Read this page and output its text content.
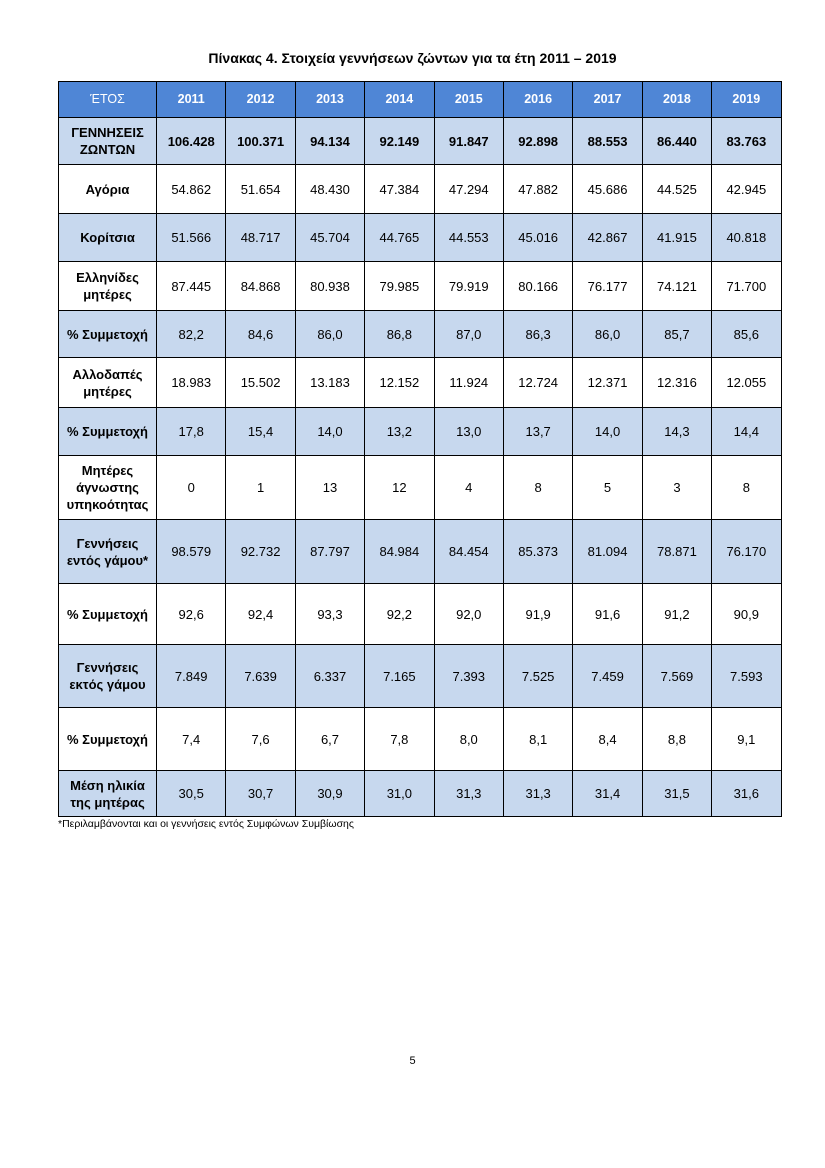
Πίνακας 4. Στοιχεία γεννήσεων ζώντων για τα έτη 2011 – 2019
ΈΤΟΣ	2011	2012	2013	2014	2015	2016	2017	2018	2019
ΓΕΝΝΗΣΕΙΣ ΖΩΝΤΩΝ	106.428	100.371	94.134	92.149	91.847	92.898	88.553	86.440	83.763
Αγόρια	54.862	51.654	48.430	47.384	47.294	47.882	45.686	44.525	42.945
Κορίτσια	51.566	48.717	45.704	44.765	44.553	45.016	42.867	41.915	40.818
Ελληνίδες μητέρες	87.445	84.868	80.938	79.985	79.919	80.166	76.177	74.121	71.700
% Συμμετοχή	82,2	84,6	86,0	86,8	87,0	86,3	86,0	85,7	85,6
Αλλοδαπές μητέρες	18.983	15.502	13.183	12.152	11.924	12.724	12.371	12.316	12.055
% Συμμετοχή	17,8	15,4	14,0	13,2	13,0	13,7	14,0	14,3	14,4
Μητέρες άγνωστης υπηκοότητας	0	1	13	12	4	8	5	3	8
Γεννήσεις εντός γάμου*	98.579	92.732	87.797	84.984	84.454	85.373	81.094	78.871	76.170
% Συμμετοχή	92,6	92,4	93,3	92,2	92,0	91,9	91,6	91,2	90,9
Γεννήσεις εκτός γάμου	7.849	7.639	6.337	7.165	7.393	7.525	7.459	7.569	7.593
% Συμμετοχή	7,4	7,6	6,7	7,8	8,0	8,1	8,4	8,8	9,1
Μέση ηλικία της μητέρας	30,5	30,7	30,9	31,0	31,3	31,3	31,4	31,5	31,6
*Περιλαμβάνονται και οι γεννήσεις εντός Συμφώνων Συμβίωσης
5
